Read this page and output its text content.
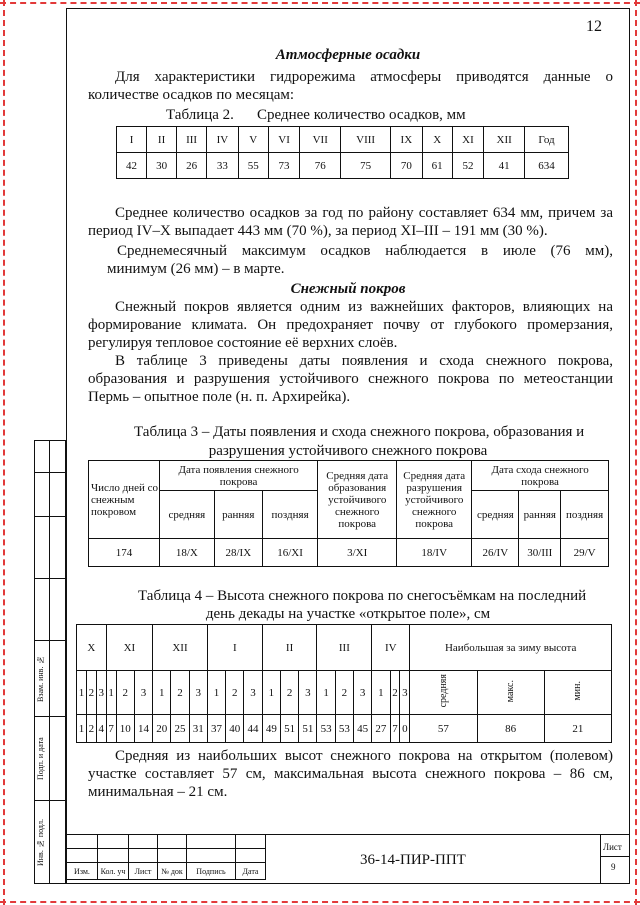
12
Атмосферные осадки
Для характеристики гидрорежима атмосферы приводятся данные о
количестве осадков по месяцам:
Таблица 2. Среднее количество осадков, мм
I	II	III	IV	V	VI	VII	VIII	IX	X	XI	XII	Год
42	30	26	33	55	73	76	75	70	61	52	41	634
Среднее количество осадков за год по району составляет 634 мм, причем за
период IV–X выпадает 443 мм (70 %), за период XI–III – 191 мм (30 %).
Среднемесячный максимум осадков наблюдается в июле (76 мм),
минимум (26 мм) – в марте.
Снежный покров
Снежный покров является одним из важнейших факторов, влияющих на
формирование климата. Он предохраняет почву от глубокого промерзания,
регулируя тепловое состояние её верхних слоёв.
В таблице 3 приведены даты появления и схода снежного покрова,
образования и разрушения устойчивого снежного покрова по метеостанции
Пермь – опытное поле (н. п. Архирейка).
Таблица 3 – Даты появления и схода снежного покрова, образования и
разрушения устойчивого снежного покрова
Число дней со снежным покровом	Дата появления снежного покрова			Средняя дата образования устойчивого снежного покрова	Средняя дата разрушения устойчивого снежного покрова	Дата схода снежного покрова		
	средняя	ранняя	поздняя			средняя	ранняя	поздняя
174	18/X	28/IX	16/XI	3/XI	18/IV	26/IV	30/III	29/V
Таблица 4 – Высота снежного покрова по снегосъёмкам на последний
день декады на участке «открытое поле», см
X			XI			XII			I			II			III			IV			Наибольшая за зиму высота		
1	2	3	1	2	3	1	2	3	1	2	3	1	2	3	1	2	3	1	2	3	средняя	макс.	мин.
1	2	4	7	10	14	20	25	31	37	40	44	49	51	51	53	53	45	27	7	0	57	86	21
Средняя из наибольших высот снежного покрова на открытом (полевом)
участке составляет 57 см, максимальная высота снежного покрова – 86 см,
минимальная – 21 см.
Взам. инв. №
Подп. и дата
Инв. № подл.

Изм.	Кол. уч	Лист	№ док	Подпись	Дата
36-14-ПИР-ППТ
Лист
9
